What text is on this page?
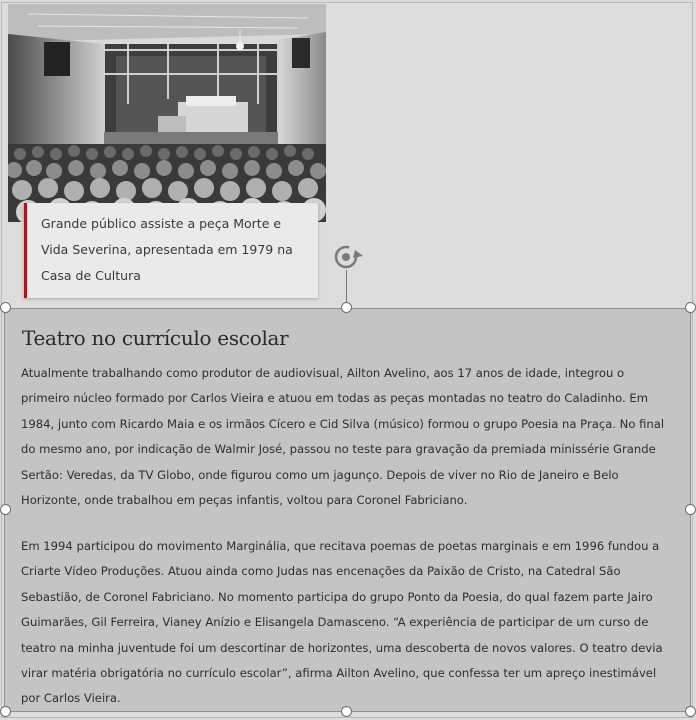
Grande público assiste a peça Morte e Vida Severina, apresentada em 1979 na Casa de Cultura
Teatro no currículo escolar
Atualmente trabalhando como produtor de audiovisual, Ailton Avelino, aos 17 anos de idade, integrou o primeiro núcleo formado por Carlos Vieira e atuou em todas as peças montadas no teatro do Caladinho. Em 1984, junto com Ricardo Maia e os irmãos Cícero e Cid Silva (músico) formou o grupo Poesia na Praça. No final do mesmo ano, por indicação de Walmir José, passou no teste para gravação da premiada minissérie Grande Sertão: Veredas, da TV Globo, onde figurou como um jagunço. Depois de viver no Rio de Janeiro e Belo Horizonte, onde trabalhou em peças infantis, voltou para Coronel Fabriciano.
Em 1994 participou do movimento Marginália, que recitava poemas de poetas marginais e em 1996 fundou a Criarte Vídeo Produções. Atuou ainda como Judas nas encenações da Paixão de Cristo, na Catedral São Sebastião, de Coronel Fabriciano. No momento participa do grupo Ponto da Poesia, do qual fazem parte Jairo Guimarães, Gil Ferreira, Vianey Anízio e Elisangela Damasceno. “A experiência de participar de um curso de teatro na minha juventude foi um descortinar de horizontes, uma descoberta de novos valores. O teatro devia virar matéria obrigatória no currículo escolar”, afirma Ailton Avelino, que confessa ter um apreço inestimável por Carlos Vieira.
